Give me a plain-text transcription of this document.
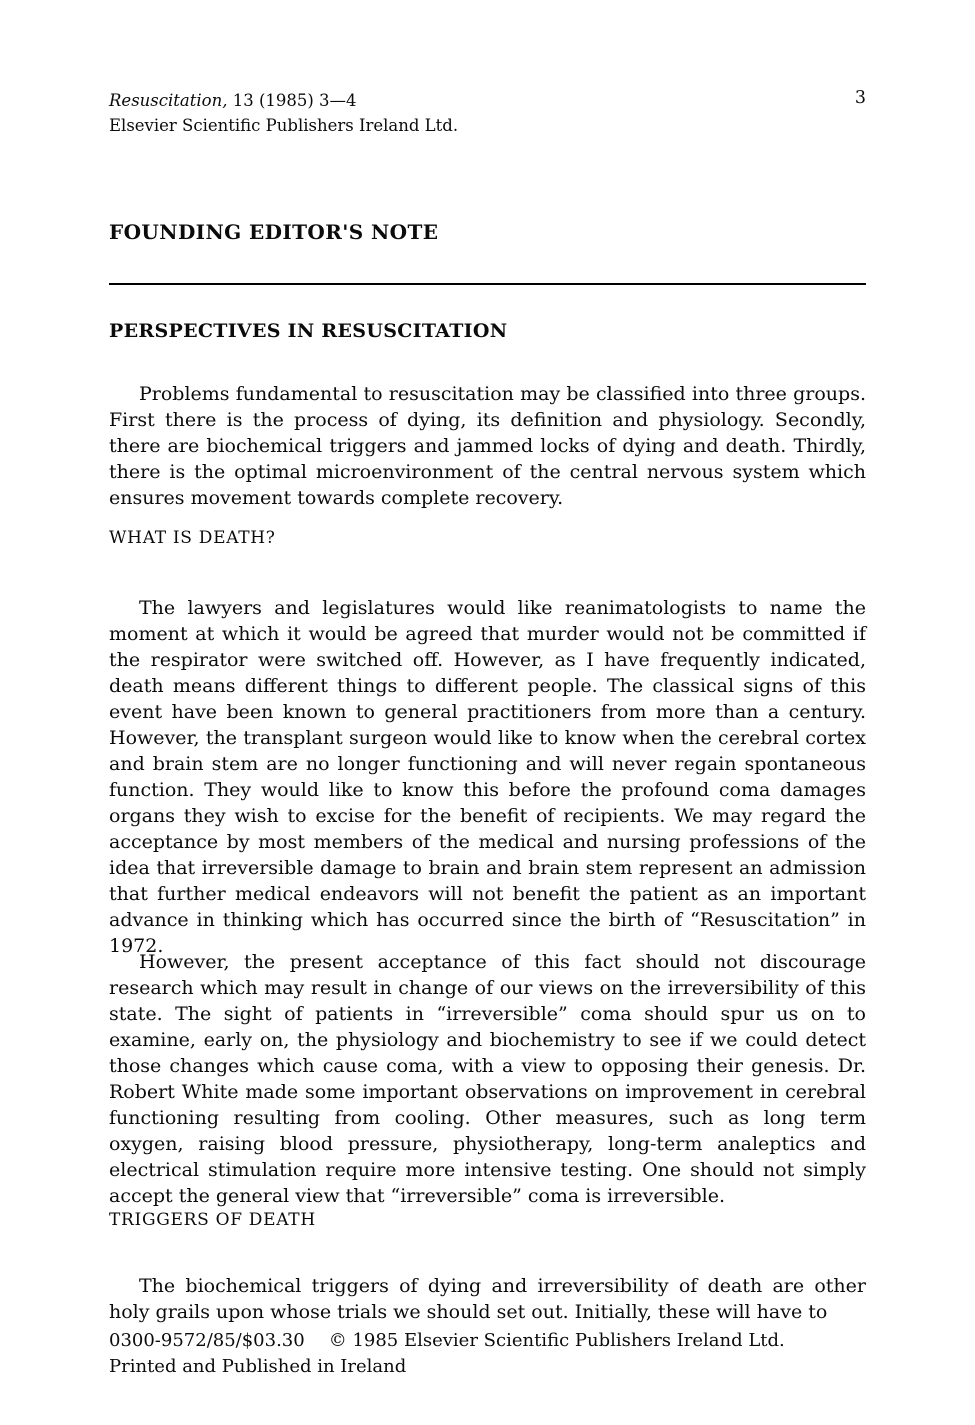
Resuscitation, 13 (1985) 3—4
Elsevier Scientific Publishers Ireland Ltd.
3
FOUNDING EDITOR'S NOTE
PERSPECTIVES IN RESUSCITATION

Problems fundamental to resuscitation may be classified into three groups. First there is the process of dying, its definition and physiology. Secondly, there are biochemical triggers and jammed locks of dying and death. Thirdly, there is the optimal microenvironment of the central nervous system which ensures movement towards complete recovery.

WHAT IS DEATH?

The lawyers and legislatures would like reanimatologists to name the moment at which it would be agreed that murder would not be committed if the respirator were switched off. However, as I have frequently indicated, death means different things to different people. The classical signs of this event have been known to general practitioners from more than a century. However, the transplant surgeon would like to know when the cerebral cortex and brain stem are no longer functioning and will never regain spontaneous function. They would like to know this before the profound coma damages organs they wish to excise for the benefit of recipients. We may regard the acceptance by most members of the medical and nursing professions of the idea that irreversible damage to brain and brain stem represent an admission that further medical endeavors will not benefit the patient as an important advance in thinking which has occurred since the birth of “Resuscitation” in 1972.

However, the present acceptance of this fact should not discourage research which may result in change of our views on the irreversibility of this state. The sight of patients in “irreversible” coma should spur us on to examine, early on, the physiology and biochemistry to see if we could detect those changes which cause coma, with a view to opposing their genesis. Dr. Robert White made some important observations on improvement in cerebral functioning resulting from cooling. Other measures, such as long term oxygen, raising blood pressure, physiotherapy, long-term analeptics and electrical stimulation require more intensive testing. One should not simply accept the general view that “irreversible” coma is irreversible.

TRIGGERS OF DEATH

The biochemical triggers of dying and irreversibility of death are other holy grails upon whose trials we should set out. Initially, these will have to

0300-9572/85/$03.30 © 1985 Elsevier Scientific Publishers Ireland Ltd.
Printed and Published in Ireland
